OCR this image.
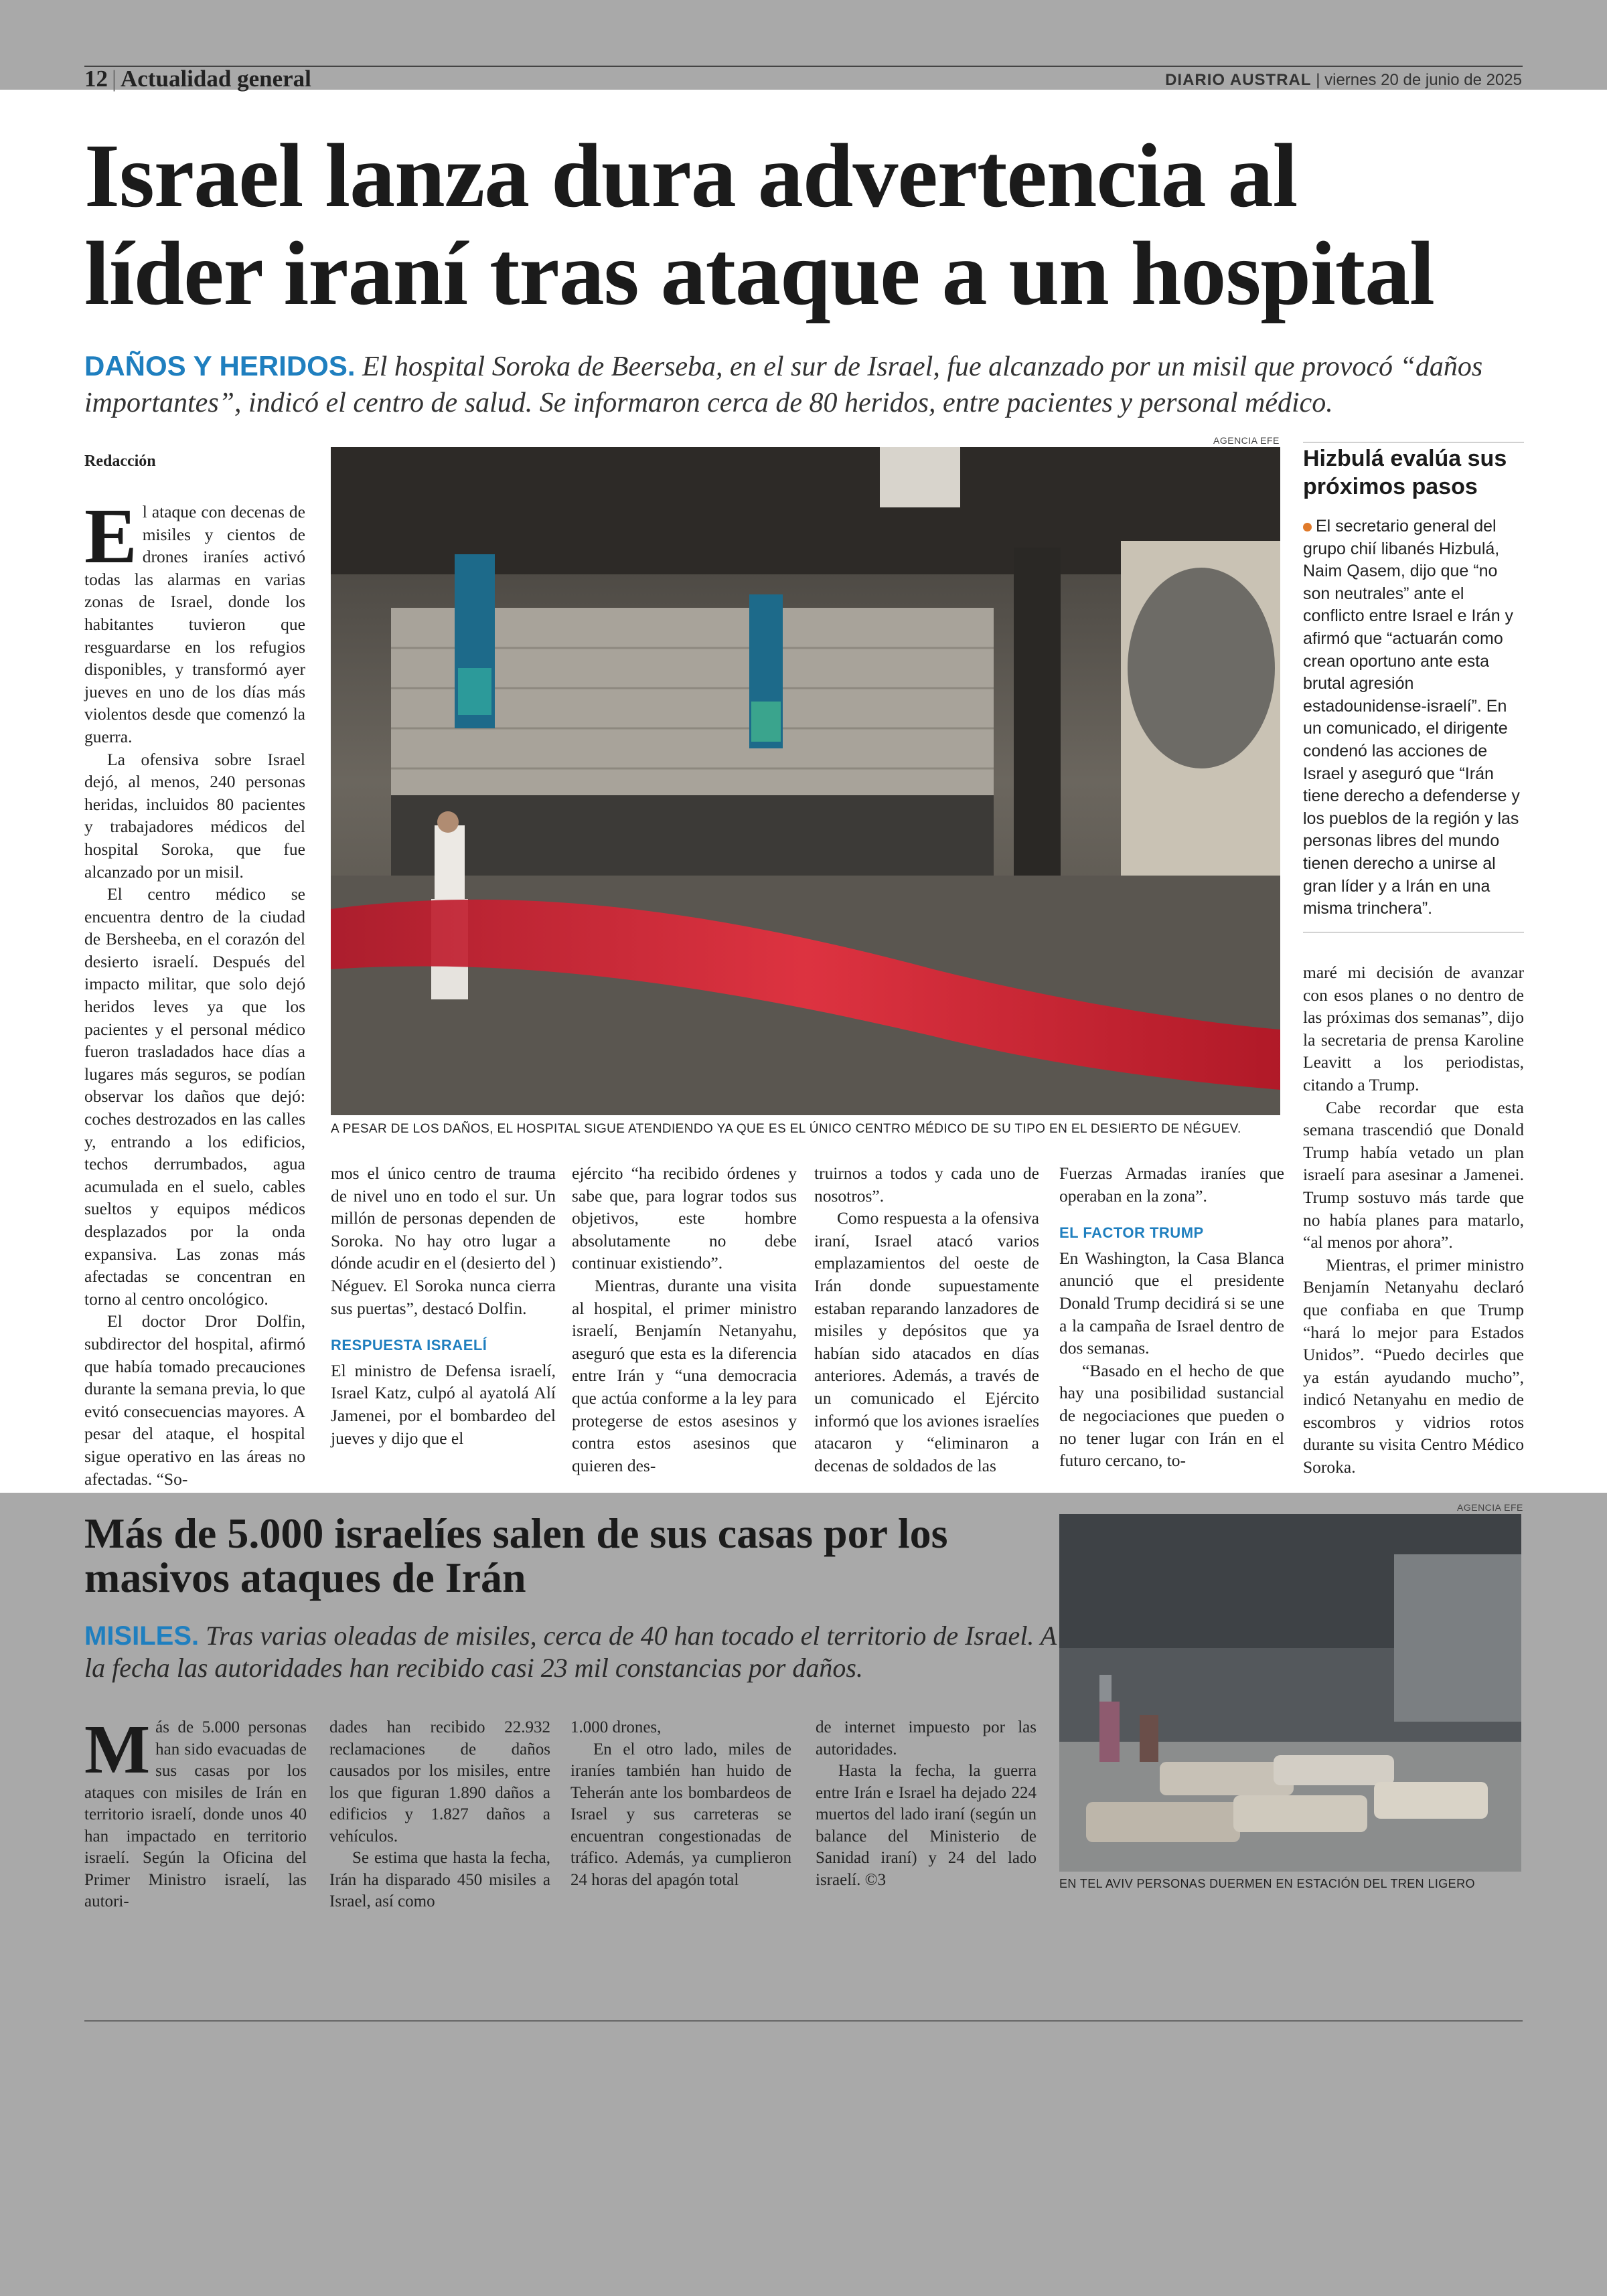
12 | Actualidad general	DIARIO AUSTRAL | viernes 20 de junio de 2025
Israel lanza dura advertencia al
líder iraní tras ataque a un hospital
DAÑOS Y HERIDOS. El hospital Soroka de Beerseba, en el sur de Israel, fue alcanzado por un misil que provocó “daños importantes”, indicó el centro de salud. Se informaron cerca de 80 heridos, entre pacientes y personal médico.
Redacción

El ataque con decenas de misiles y cientos de drones iraníes activó todas las alarmas en varias zonas de Israel, donde los habitantes tuvieron que resguardarse en los refugios disponibles, y transformó ayer jueves en uno de los días más violentos desde que comenzó la guerra.

La ofensiva sobre Israel dejó, al menos, 240 personas heridas, incluidos 80 pacientes y trabajadores médicos del hospital Soroka, que fue alcanzado por un misil.

El centro médico se encuentra dentro de la ciudad de Bersheeba, en el corazón del desierto israelí. Después del impacto militar, que solo dejó heridos leves ya que los pacientes y el personal médico fueron trasladados hace días a lugares más seguros, se podían observar los daños que dejó: coches destrozados en las calles y, entrando a los edificios, techos derrumbados, agua acumulada en el suelo, cables sueltos y equipos médicos desplazados por la onda expansiva. Las zonas más afectadas se concentran en torno al centro oncológico.

El doctor Dror Dolfin, subdirector del hospital, afirmó que había tomado precauciones durante la semana previa, lo que evitó consecuencias mayores. A pesar del ataque, el hospital sigue operativo en las áreas no afectadas. “So-

AGENCIA EFE
A PESAR DE LOS DAÑOS, EL HOSPITAL SIGUE ATENDIENDO YA QUE ES EL ÚNICO CENTRO MÉDICO DE SU TIPO EN EL DESIERTO DE NÉGUEV.
Hizbulá evalúa sus próximos pasos
El secretario general del grupo chií libanés Hizbulá, Naim Qasem, dijo que “no son neutrales” ante el conflicto entre Israel e Irán y afirmó que “actuarán como crean oportuno ante esta brutal agresión estadounidense-israelí”. En un comunicado, el dirigente condenó las acciones de Israel y aseguró que “Irán tiene derecho a defenderse y los pueblos de la región y las personas libres del mundo tienen derecho a unirse al gran líder y a Irán en una misma trinchera”.

mos el único centro de trauma de nivel uno en todo el sur. Un millón de personas dependen de Soroka. No hay otro lugar a dónde acudir en el (desierto del ) Néguev. El Soroka nunca cierra sus puertas”, destacó Dolfin.

RESPUESTA ISRAELÍ

El ministro de Defensa israelí, Israel Katz, culpó al ayatolá Alí Jamenei, por el bombardeo del jueves y dijo que el

ejército “ha recibido órdenes y sabe que, para lograr todos sus objetivos, este hombre absolutamente no debe continuar existiendo”.

Mientras, durante una visita al hospital, el primer ministro israelí, Benjamín Netanyahu, aseguró que esta es la diferencia entre Irán y “una democracia que actúa conforme a la ley para protegerse de estos asesinos y contra estos asesinos que quieren des-

truirnos a todos y cada uno de nosotros”.

Como respuesta a la ofensiva iraní, Israel atacó varios emplazamientos del oeste de Irán donde supuestamente estaban reparando lanzadores de misiles y depósitos que ya habían sido atacados en días anteriores. Además, a través de un comunicado el Ejército informó que los aviones israelíes atacaron y “eliminaron a decenas de soldados de las

Fuerzas Armadas iraníes que operaban en la zona”.

EL FACTOR TRUMP

En Washington, la Casa Blanca anunció que el presidente Donald Trump decidirá si se une a la campaña de Israel dentro de dos semanas.

“Basado en el hecho de que hay una posibilidad sustancial de negociaciones que pueden o no tener lugar con Irán en el futuro cercano, to-

maré mi decisión de avanzar con esos planes o no dentro de las próximas dos semanas”, dijo la secretaria de prensa Karoline Leavitt a los periodistas, citando a Trump.

Cabe recordar que esta semana trascendió que Donald Trump había vetado un plan israelí para asesinar a Jamenei. Trump sostuvo más tarde que no había planes para matarlo, “al menos por ahora”.

Mientras, el primer ministro Benjamín Netanyahu declaró que confiaba en que Trump “hará lo mejor para Estados Unidos”. “Puedo decirles que ya están ayudando mucho”, indicó Netanyahu en medio de escombros y vidrios rotos durante su visita Centro Médico Soroka.

Más de 5.000 israelíes salen de sus casas por los masivos ataques de Irán
MISILES. Tras varias oleadas de misiles, cerca de 40 han tocado el territorio de Israel. A la fecha las autoridades han recibido casi 23 mil constancias por daños.

Más de 5.000 personas han sido evacuadas de sus casas por los ataques con misiles de Irán en territorio israelí, donde unos 40 han impactado en territorio israelí. Según la Oficina del Primer Ministro israelí, las autori-

dades han recibido 22.932 reclamaciones de daños causados por los misiles, entre los que figuran 1.890 daños a edificios y 1.827 daños a vehículos.

Se estima que hasta la fecha, Irán ha disparado 450 misiles a Israel, así como

1.000 drones,

En el otro lado, miles de iraníes también han huido de Teherán ante los bombardeos de Israel y sus carreteras se encuentran congestionadas de tráfico. Además, ya cumplieron 24 horas del apagón total

de internet impuesto por las autoridades.

Hasta la fecha, la guerra entre Irán e Israel ha dejado 224 muertos del lado iraní (según un balance del Ministerio de Sanidad iraní) y 24 del lado israelí. ©3

AGENCIA EFE
EN TEL AVIV PERSONAS DUERMEN EN ESTACIÓN DEL TREN LIGERO
